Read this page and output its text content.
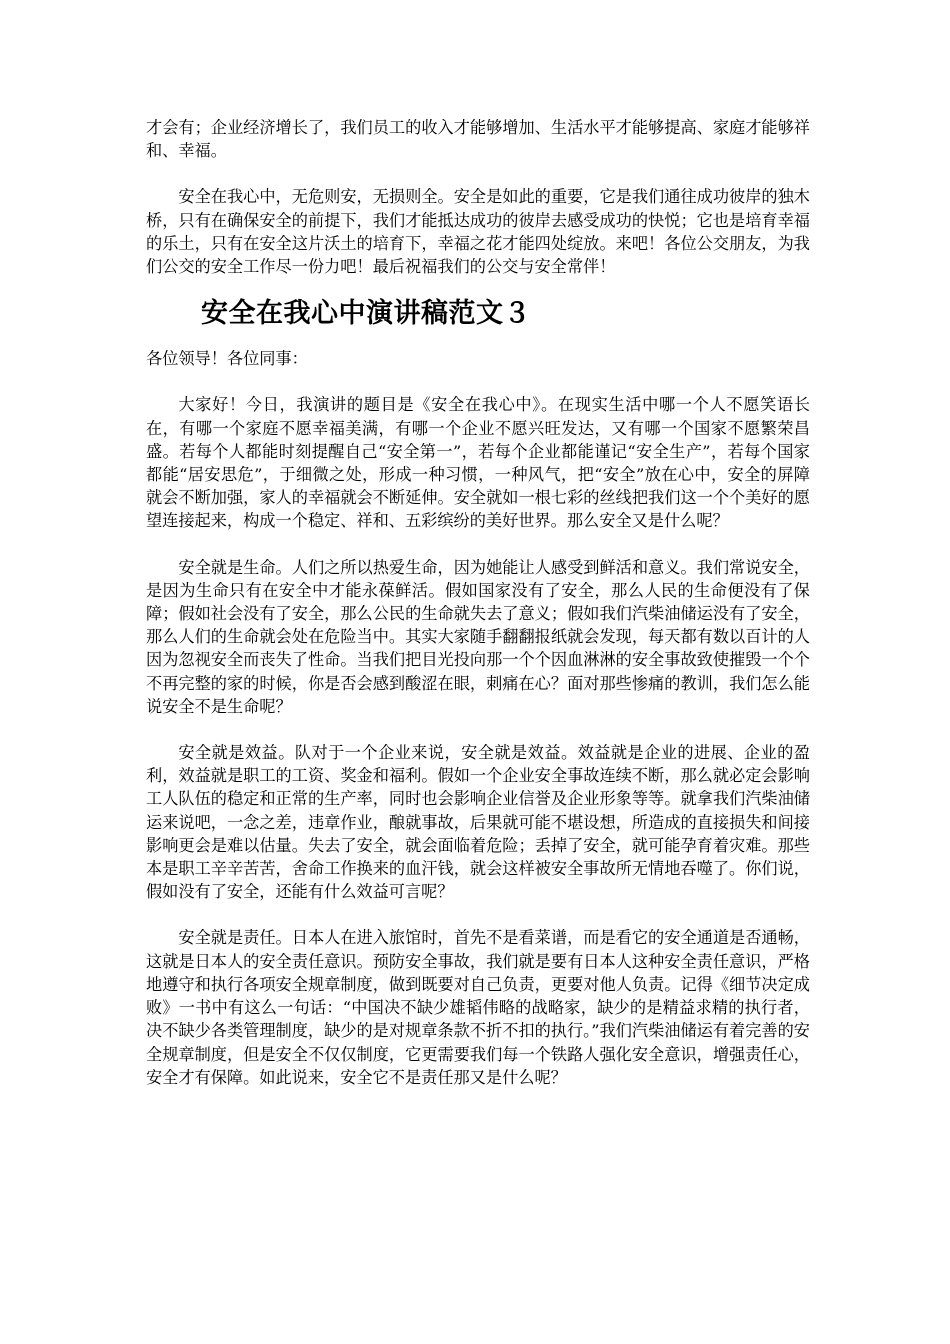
才会有；企业经济增长了，我们员工的收入才能够增加、生活水平才能够提高、家庭才能够祥和、幸福。

安全在我心中，无危则安，无损则全。安全是如此的重要，它是我们通往成功彼岸的独木桥，只有在确保安全的前提下，我们才能抵达成功的彼岸去感受成功的快悦；它也是培育幸福的乐土，只有在安全这片沃土的培育下，幸福之花才能四处绽放。来吧！各位公交朋友，为我们公交的安全工作尽一份力吧！最后祝福我们的公交与安全常伴！

安全在我心中演讲稿范文３

各位领导！各位同事：

大家好！今日，我演讲的题目是《安全在我心中》。在现实生活中哪一个人不愿笑语长在，有哪一个家庭不愿幸福美满，有哪一个企业不愿兴旺发达，又有哪一个国家不愿繁荣昌盛。若每个人都能时刻提醒自己“安全第一”，若每个企业都能谨记“安全生产”，若每个国家都能“居安思危”，于细微之处，形成一种习惯，一种风气，把“安全”放在心中，安全的屏障就会不断加强，家人的幸福就会不断延伸。安全就如一根七彩的丝线把我们这一个个美好的愿望连接起来，构成一个稳定、祥和、五彩缤纷的美好世界。那么安全又是什么呢？

安全就是生命。人们之所以热爱生命，因为她能让人感受到鲜活和意义。我们常说安全，是因为生命只有在安全中才能永葆鲜活。假如国家没有了安全，那么人民的生命便没有了保障；假如社会没有了安全，那么公民的生命就失去了意义；假如我们汽柴油储运没有了安全，那么人们的生命就会处在危险当中。其实大家随手翻翻报纸就会发现，每天都有数以百计的人因为忽视安全而丧失了性命。当我们把目光投向那一个个因血淋淋的安全事故致使摧毁一个个不再完整的家的时候，你是否会感到酸涩在眼，刺痛在心？面对那些惨痛的教训，我们怎么能说安全不是生命呢？

安全就是效益。队对于一个企业来说，安全就是效益。效益就是企业的进展、企业的盈利，效益就是职工的工资、奖金和福利。假如一个企业安全事故连续不断，那么就必定会影响工人队伍的稳定和正常的生产率，同时也会影响企业信誉及企业形象等等。就拿我们汽柴油储运来说吧，一念之差，违章作业，酿就事故，后果就可能不堪设想，所造成的直接损失和间接影响更会是难以估量。失去了安全，就会面临着危险；丢掉了安全，就可能孕育着灾难。那些本是职工辛辛苦苦，舍命工作换来的血汗钱，就会这样被安全事故所无情地吞噬了。你们说，假如没有了安全，还能有什么效益可言呢？

安全就是责任。日本人在进入旅馆时，首先不是看菜谱，而是看它的安全通道是否通畅，这就是日本人的安全责任意识。预防安全事故，我们就是要有日本人这种安全责任意识，严格地遵守和执行各项安全规章制度，做到既要对自己负责，更要对他人负责。记得《细节决定成败》一书中有这么一句话：“中国决不缺少雄韬伟略的战略家，缺少的是精益求精的执行者，决不缺少各类管理制度，缺少的是对规章条款不折不扣的执行。”我们汽柴油储运有着完善的安全规章制度，但是安全不仅仅制度，它更需要我们每一个铁路人强化安全意识，增强责任心，安全才有保障。如此说来，安全它不是责任那又是什么呢？
